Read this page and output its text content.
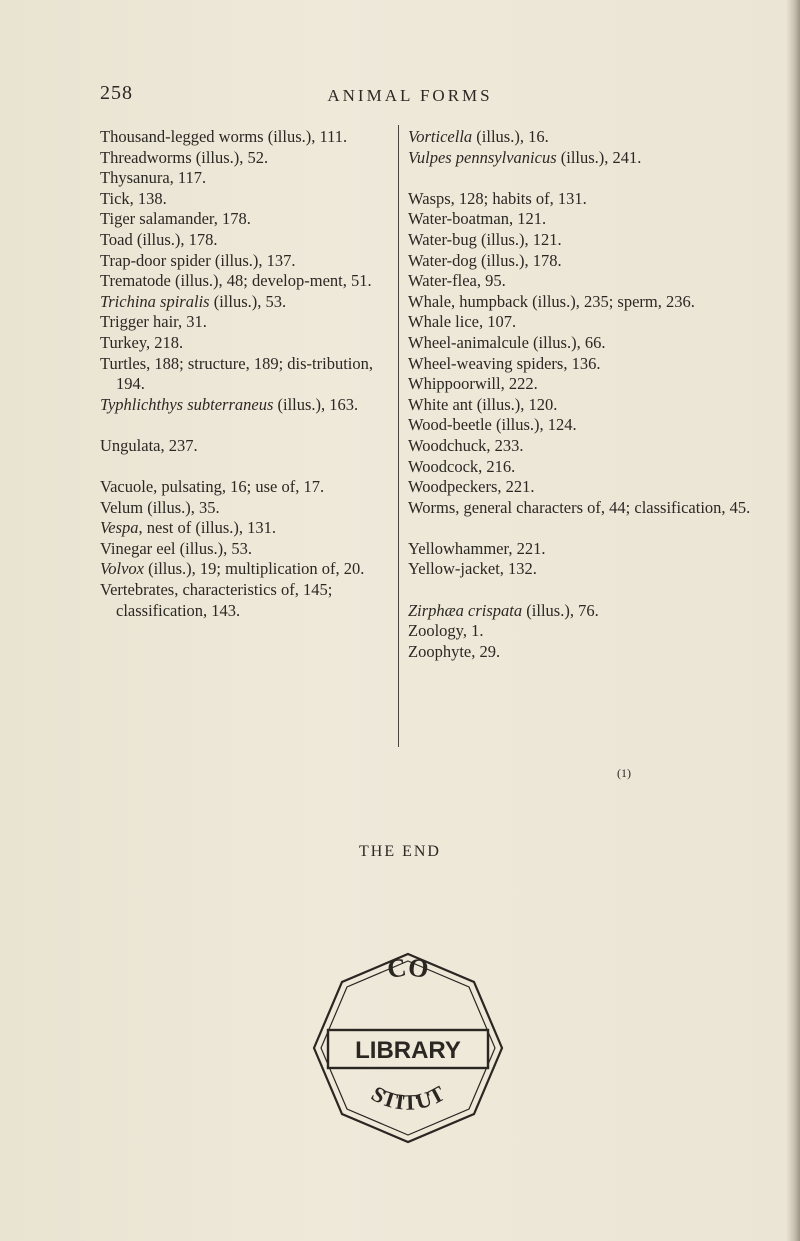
258	ANIMAL FORMS
Thousand-legged worms (illus.), 111.
Threadworms (illus.), 52.
Thysanura, 117.
Tick, 138.
Tiger salamander, 178.
Toad (illus.), 178.
Trap-door spider (illus.), 137.
Trematode (illus.), 48; develop-ment, 51.
Trichina spiralis (illus.), 53.
Trigger hair, 31.
Turkey, 218.
Turtles, 188; structure, 189; dis-tribution, 194.
Typhlichthys subterraneus (illus.), 163.
Ungulata, 237.
Vacuole, pulsating, 16; use of, 17.
Velum (illus.), 35.
Vespa, nest of (illus.), 131.
Vinegar eel (illus.), 53.
Volvox (illus.), 19; multiplication of, 20.
Vertebrates, characteristics of, 145; classification, 143.
Vorticella (illus.), 16.
Vulpes pennsylvanicus (illus.), 241.
Wasps, 128; habits of, 131.
Water-boatman, 121.
Water-bug (illus.), 121.
Water-dog (illus.), 178.
Water-flea, 95.
Whale, humpback (illus.), 235; sperm, 236.
Whale lice, 107.
Wheel-animalcule (illus.), 66.
Wheel-weaving spiders, 136.
Whippoorwill, 222.
White ant (illus.), 120.
Wood-beetle (illus.), 124.
Woodchuck, 233.
Woodcock, 216.
Woodpeckers, 221.
Worms, general characters of, 44; classification, 45.
Yellowhammer, 221.
Yellow-jacket, 132.
Zirphæa crispata (illus.), 76.
Zoology, 1.
Zoophyte, 29.
(1)
THE END
CO
LIBRARY
STITUT
